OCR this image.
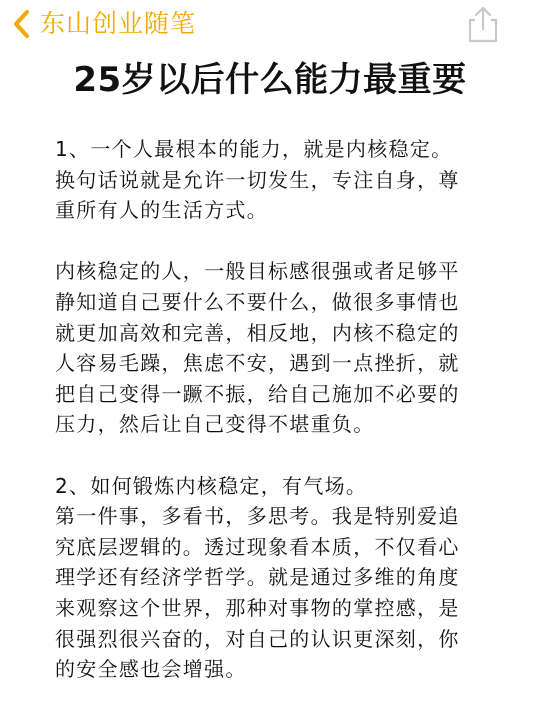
东山创业随笔
25岁以后什么能力最重要

1、一个人最根本的能力，就是内核稳定。
换句话说就是允许一切发生，专注自身，尊
重所有人的生活方式。

内核稳定的人，一般目标感很强或者足够平
静知道自己要什么不要什么，做很多事情也
就更加高效和完善，相反地，内核不稳定的
人容易毛躁，焦虑不安，遇到一点挫折，就
把自己变得一蹶不振，给自己施加不必要的
压力，然后让自己变得不堪重负。

2、如何锻炼内核稳定，有气场。
第一件事，多看书，多思考。我是特别爱追
究底层逻辑的。透过现象看本质，不仅看心
理学还有经济学哲学。就是通过多维的角度
来观察这个世界，那种对事物的掌控感，是
很强烈很兴奋的，对自己的认识更深刻，你
的安全感也会增强。
